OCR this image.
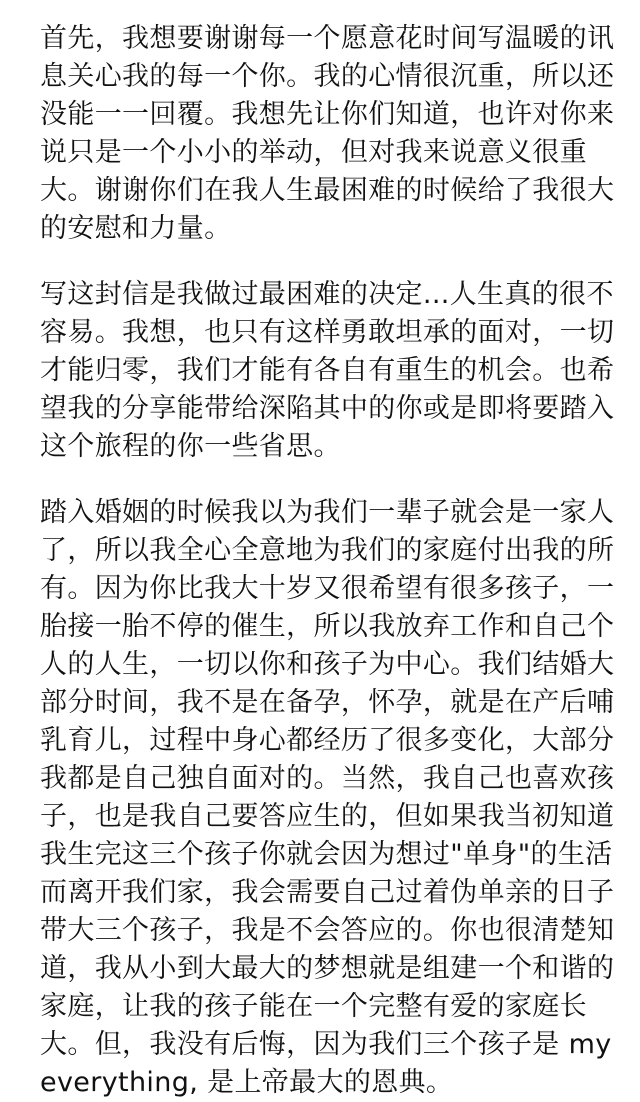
首先，我想要谢谢每一个愿意花时间写温暖的讯
息关心我的每一个你。我的心情很沉重，所以还
没能一一回覆。我想先让你们知道，也许对你来
说只是一个小小的举动，但对我来说意义很重
大。谢谢你们在我人生最困难的时候给了我很大
的安慰和力量。
写这封信是我做过最困难的决定...人生真的很不
容易。我想，也只有这样勇敢坦承的面对，一切
才能归零，我们才能有各自有重生的机会。也希
望我的分享能带给深陷其中的你或是即将要踏入
这个旅程的你一些省思。
踏入婚姻的时候我以为我们一辈子就会是一家人
了，所以我全心全意地为我们的家庭付出我的所
有。因为你比我大十岁又很希望有很多孩子，一
胎接一胎不停的催生，所以我放弃工作和自己个
人的人生，一切以你和孩子为中心。我们结婚大
部分时间，我不是在备孕，怀孕，就是在产后哺
乳育儿，过程中身心都经历了很多变化，大部分
我都是自己独自面对的。当然，我自己也喜欢孩
子，也是我自己要答应生的，但如果我当初知道
我生完这三个孩子你就会因为想过"单身"的生活
而离开我们家，我会需要自己过着伪单亲的日子
带大三个孩子，我是不会答应的。你也很清楚知
道，我从小到大最大的梦想就是组建一个和谐的
家庭，让我的孩子能在一个完整有爱的家庭长
大。但，我没有后悔，因为我们三个孩子是 my
everything, 是上帝最大的恩典。
